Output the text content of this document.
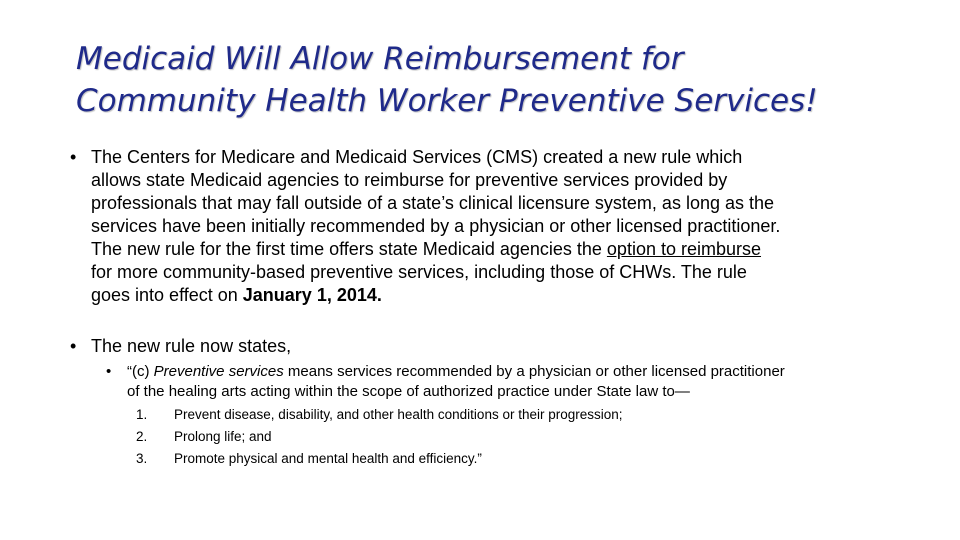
Medicaid Will Allow Reimbursement for
Community Health Worker Preventive Services!

• The Centers for Medicare and Medicaid Services (CMS) created a new rule which
allows state Medicaid agencies to reimburse for preventive services provided by
professionals that may fall outside of a state’s clinical licensure system, as long as the
services have been initially recommended by a physician or other licensed practitioner.
The new rule for the first time offers state Medicaid agencies the option to reimburse
for more community-based preventive services, including those of CHWs. The rule
goes into effect on January 1, 2014.

• The new rule now states,

• “(c) Preventive services means services recommended by a physician or other licensed practitioner
of the healing arts acting within the scope of authorized practice under State law to—
1. Prevent disease, disability, and other health conditions or their progression;
2. Prolong life; and
3. Promote physical and mental health and efficiency.”
